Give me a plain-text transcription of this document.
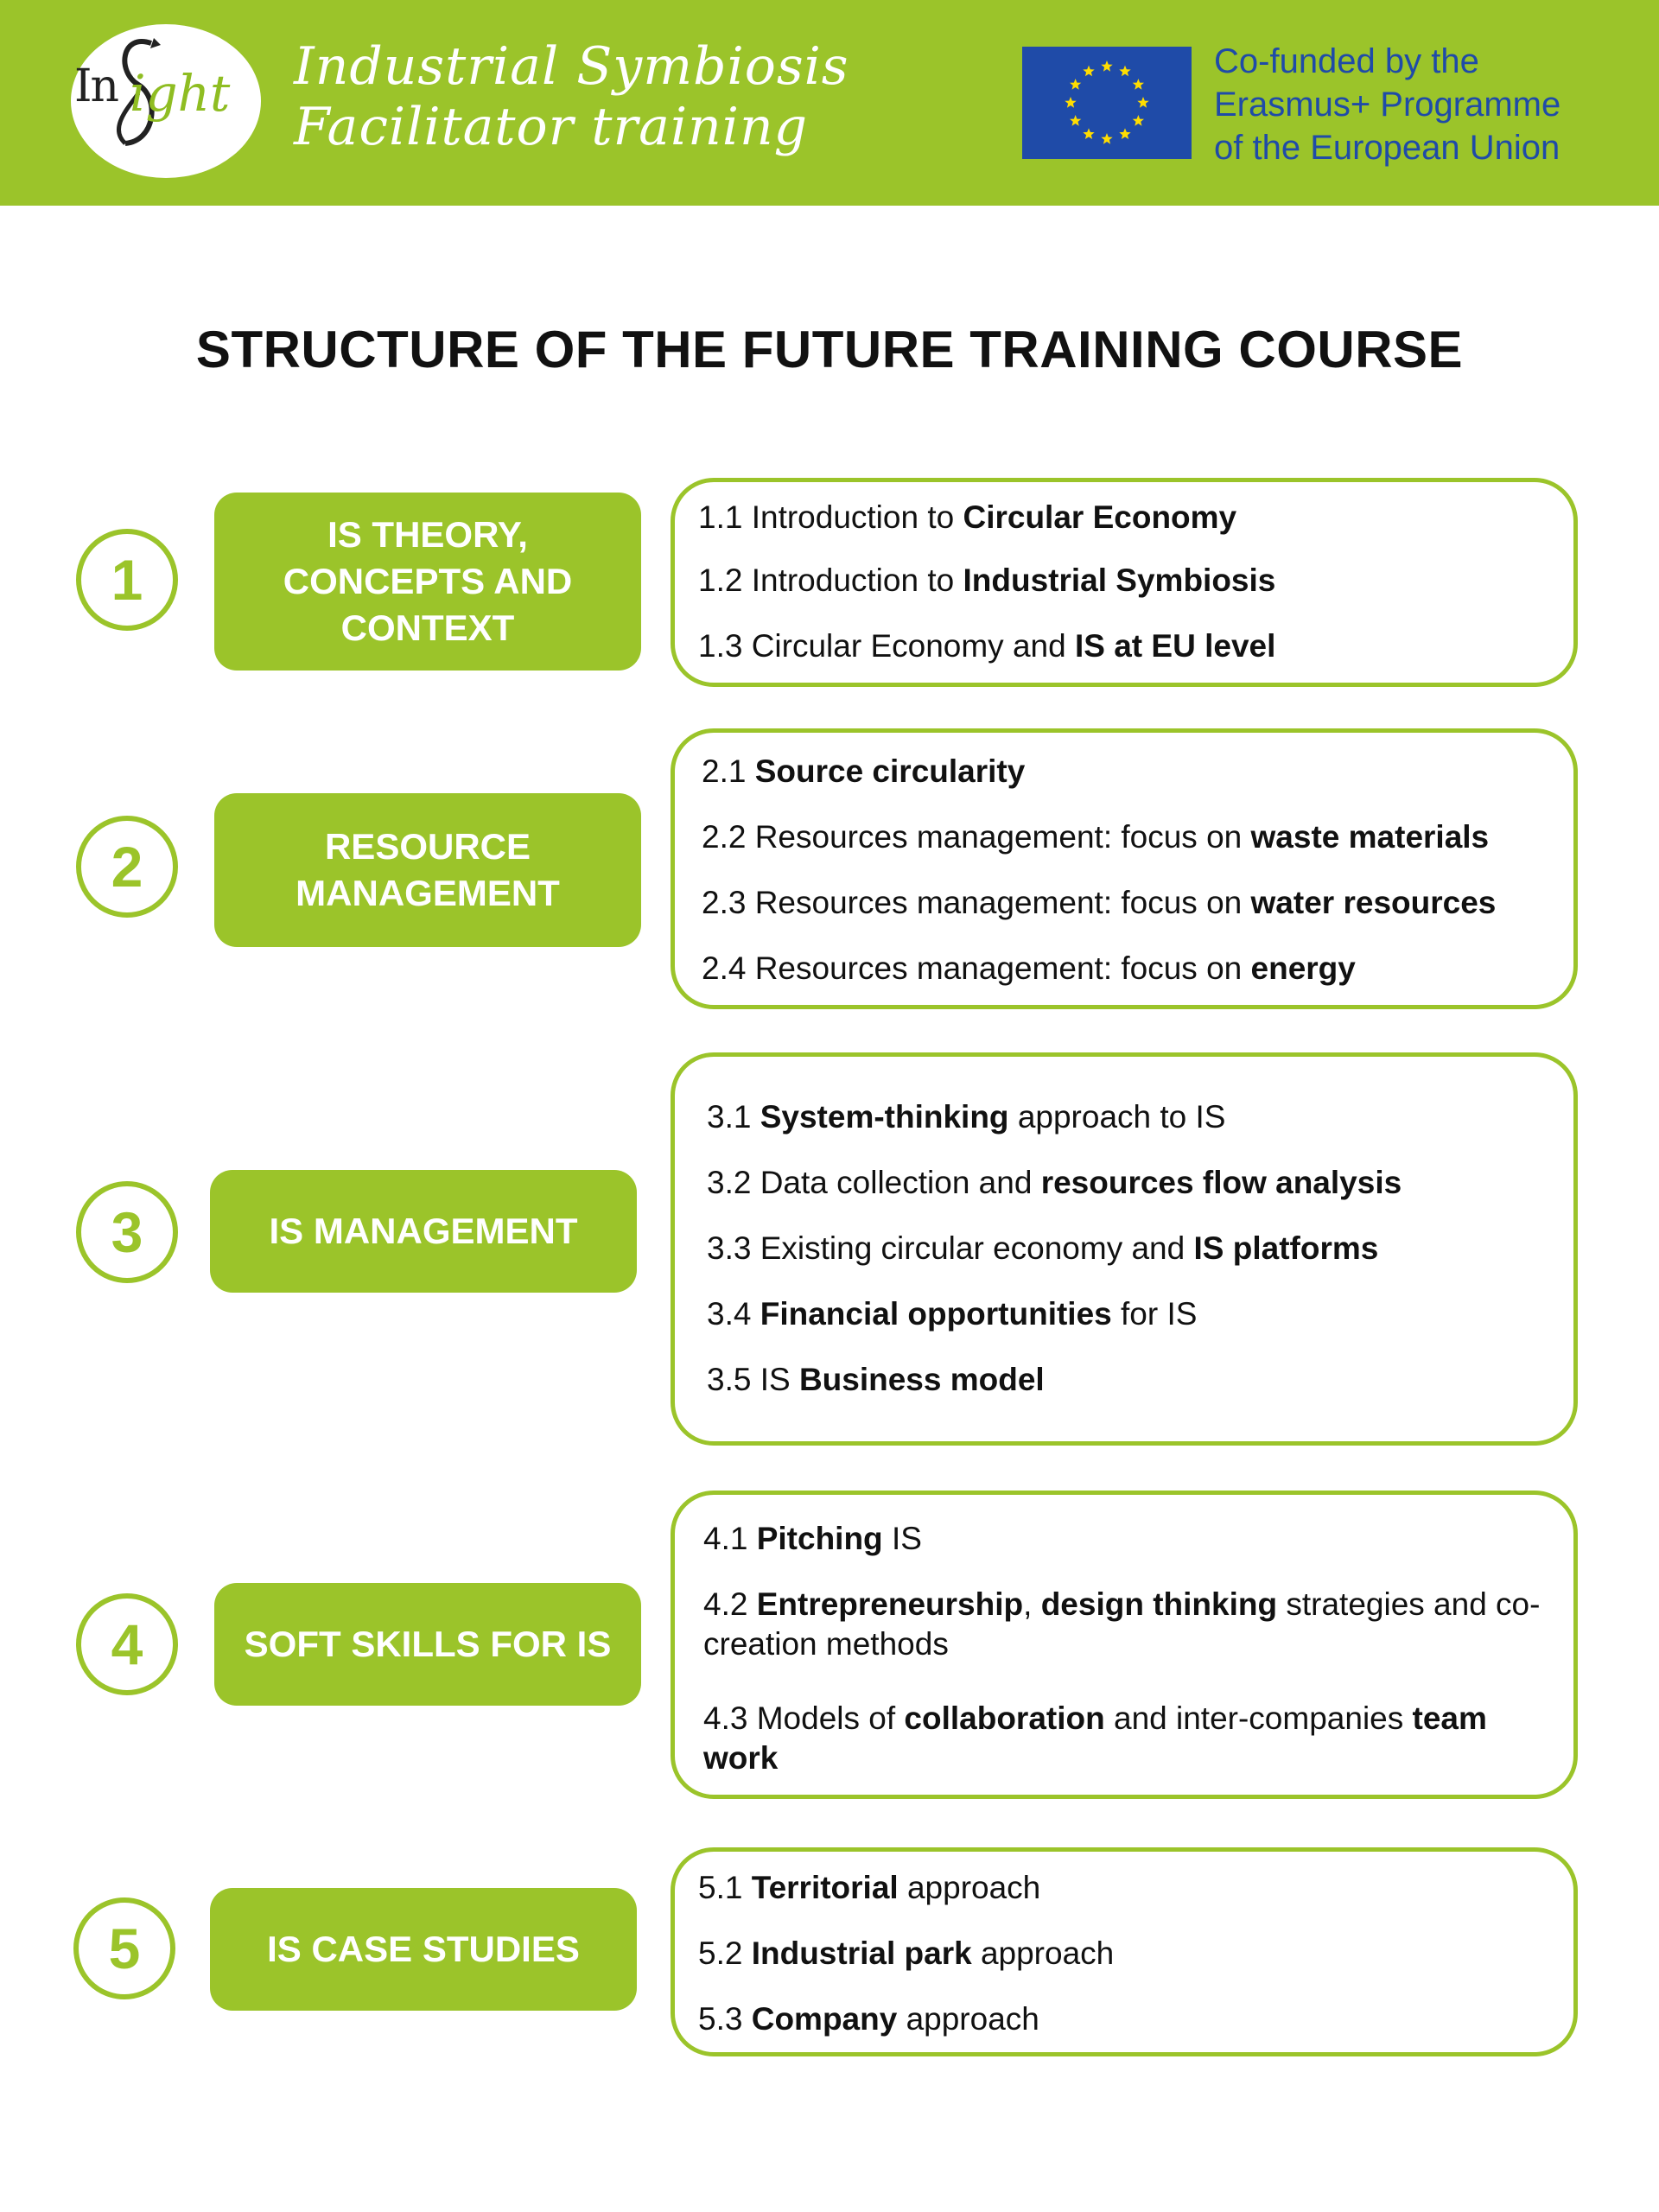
In ight Industrial Symbiosis
Facilitator training
Co-funded by the
Erasmus+ Programme
of the European Union
STRUCTURE OF THE FUTURE TRAINING COURSE
1
IS THEORY, CONCEPTS AND CONTEXT
1.1 Introduction to Circular Economy
1.2 Introduction to Industrial Symbiosis
1.3 Circular Economy and IS at EU level
2	RESOURCE MANAGEMENT
2.1 Source circularity
2.2 Resources management: focus on waste materials
2.3 Resources management: focus on water resources
2.4 Resources management: focus on energy
3	IS MANAGEMENT
3.1 System-thinking approach to IS
3.2 Data collection and resources flow analysis
3.3 Existing circular economy and IS platforms
3.4 Financial opportunities for IS
3.5 IS Business model
4	SOFT SKILLS FOR IS
4.1 Pitching IS
4.2 Entrepreneurship, design thinking strategies and co-creation methods
4.3 Models of collaboration and inter-companies team work
5	IS CASE STUDIES
5.1 Territorial approach
5.2 Industrial park approach
5.3 Company approach
